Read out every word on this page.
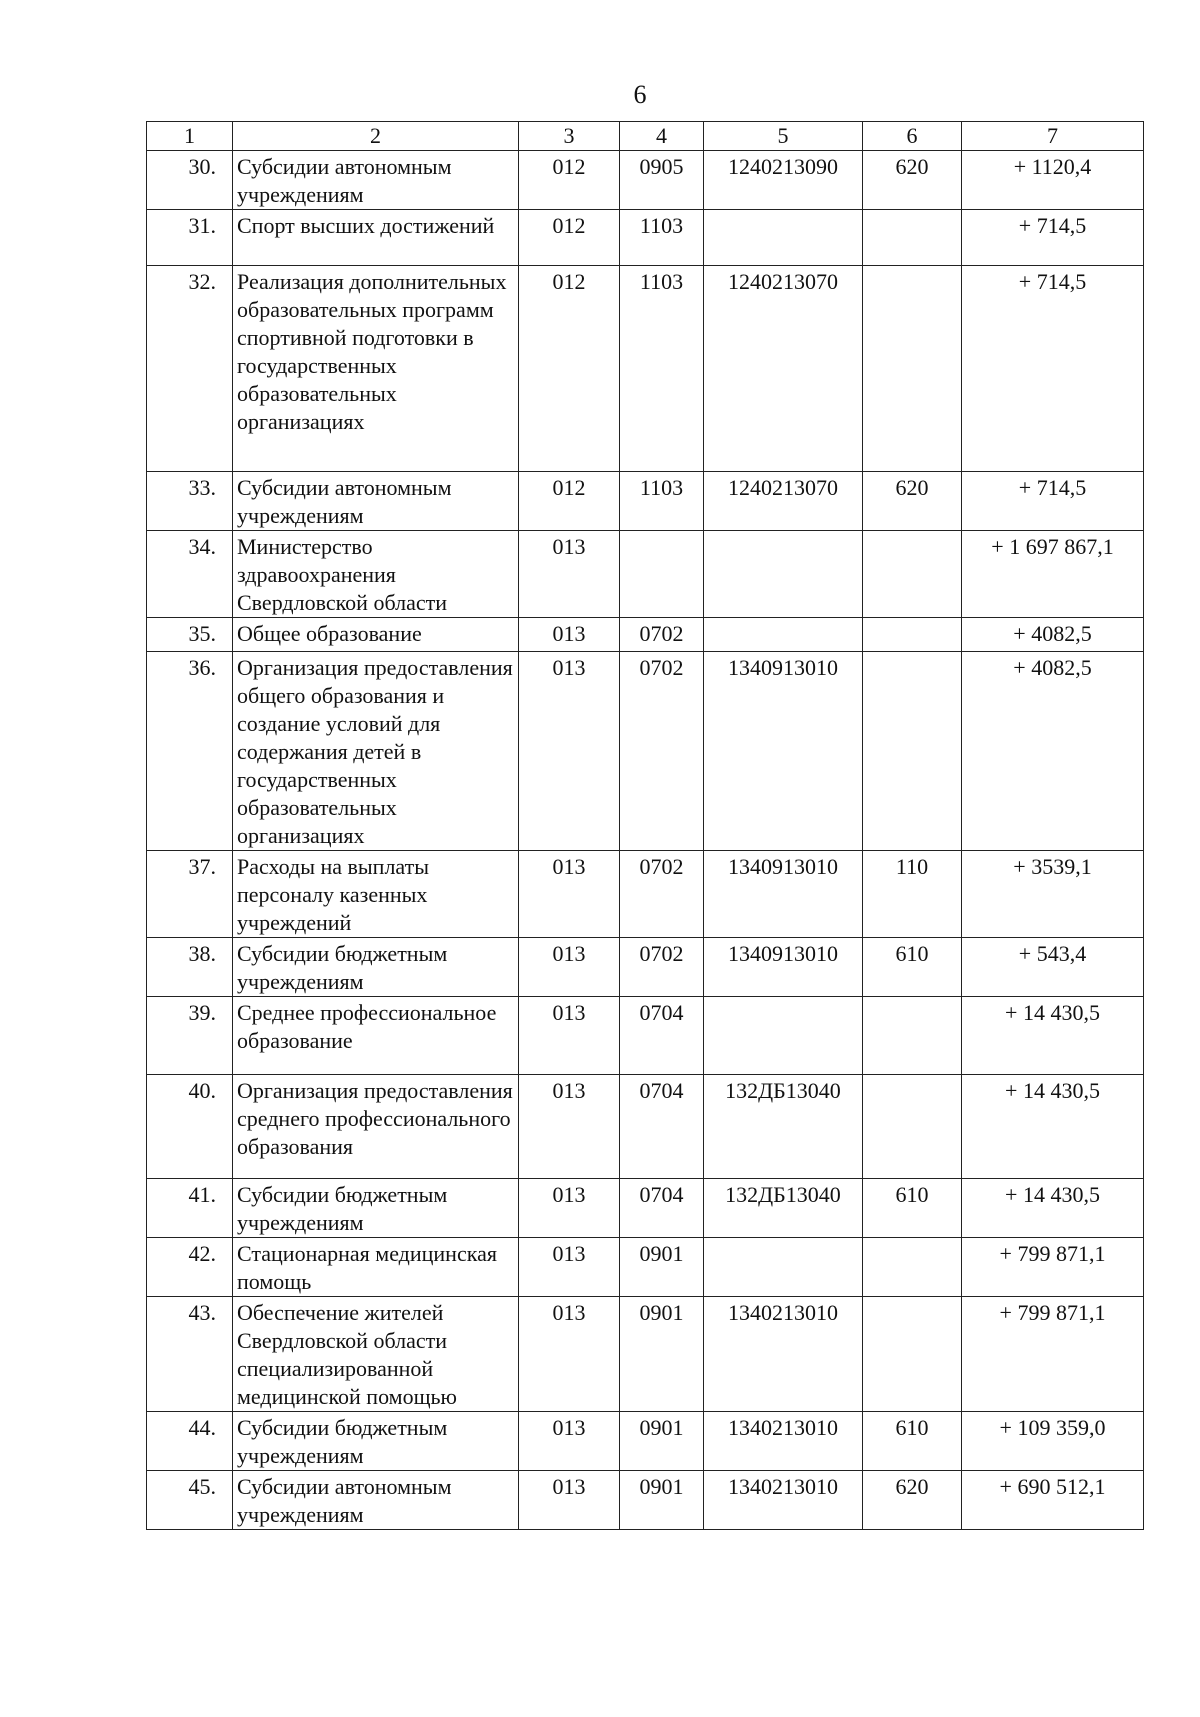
6
1	2	3	4	5	6	7
30.	Субсидии автономным учреждениям	012	0905	1240213090	620	+ 1120,4
31.	Спорт высших достижений	012	1103			+ 714,5
32.	Реализация дополнительных образовательных программ спортивной подготовки в государственных образовательных организациях	012	1103	1240213070		+ 714,5
33.	Субсидии автономным учреждениям	012	1103	1240213070	620	+ 714,5
34.	Министерство здравоохранения Свердловской области	013				+ 1 697 867,1
35.	Общее образование	013	0702			+ 4082,5
36.	Организация предоставления общего образования и создание условий для содержания детей в государственных образовательных организациях	013	0702	1340913010		+ 4082,5
37.	Расходы на выплаты персоналу казенных учреждений	013	0702	1340913010	110	+ 3539,1
38.	Субсидии бюджетным учреждениям	013	0702	1340913010	610	+ 543,4
39.	Среднее профессиональное образование	013	0704			+ 14 430,5
40.	Организация предоставления среднего профессионального образования	013	0704	132ДБ13040		+ 14 430,5
41.	Субсидии бюджетным учреждениям	013	0704	132ДБ13040	610	+ 14 430,5
42.	Стационарная медицинская помощь	013	0901			+ 799 871,1
43.	Обеспечение жителей Свердловской области специализированной медицинской помощью	013	0901	1340213010		+ 799 871,1
44.	Субсидии бюджетным учреждениям	013	0901	1340213010	610	+ 109 359,0
45.	Субсидии автономным учреждениям	013	0901	1340213010	620	+ 690 512,1
